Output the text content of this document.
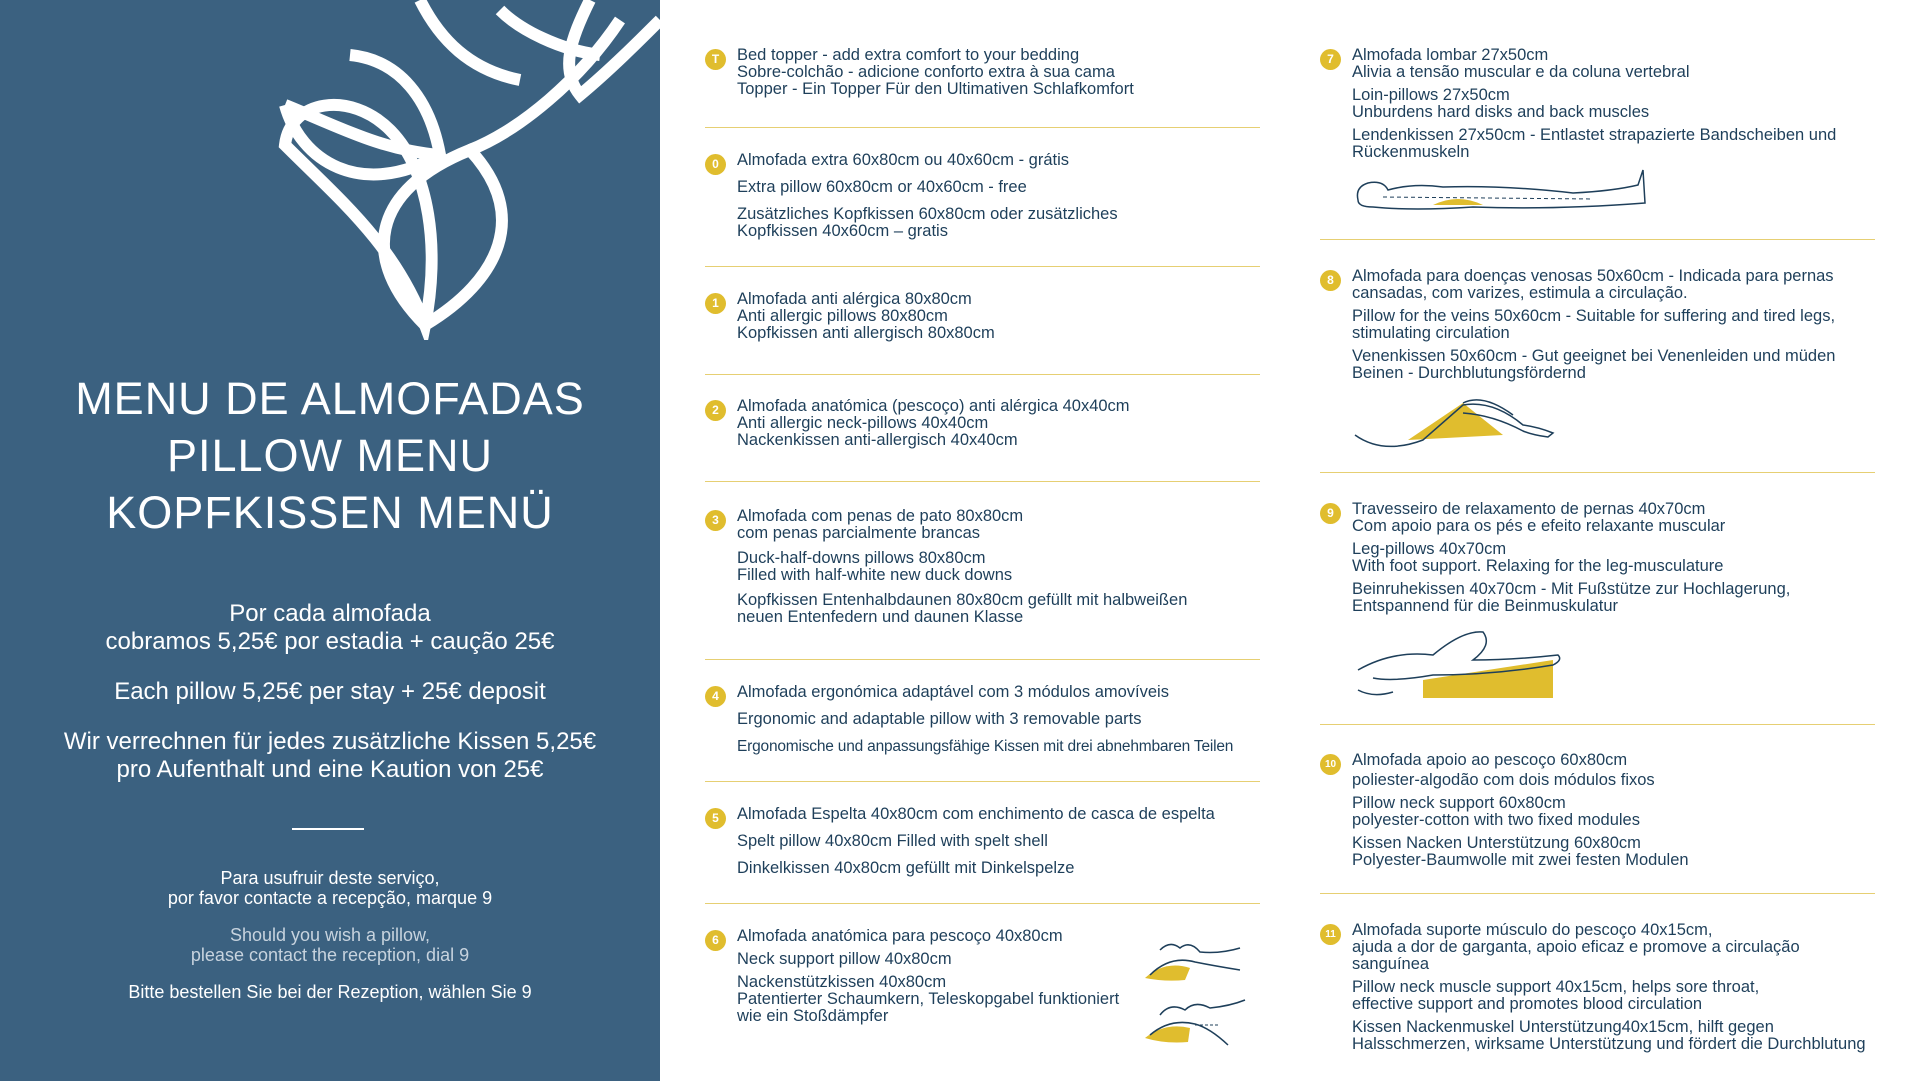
MENU DE ALMOFADAS
PILLOW MENU
KOPFKISSEN MENÜ

Por cada almofada
cobramos 5,25€ por estadia + caução 25€

Each pillow 5,25€ per stay + 25€ deposit

Wir verrechnen für jedes zusätzliche Kissen 5,25€
pro Aufenthalt und eine Kaution von 25€

Para usufruir deste serviço,
por favor contacte a recepção, marque 9

Should you wish a pillow,
please contact the reception, dial 9

Bitte bestellen Sie bei der Rezeption, wählen Sie 9

T	Bed topper - add extra comfort to your bedding
Sobre-colchão - adicione conforto extra à sua cama
Topper - Ein Topper Für den Ultimativen Schlafkomfort
0	Almofada extra 60x80cm ou 40x60cm - grátis
Extra pillow 60x80cm or 40x60cm - free
Zusätzliches Kopfkissen 60x80cm oder zusätzliches
Kopfkissen 40x60cm – gratis
1	Almofada anti alérgica 80x80cm
Anti allergic pillows 80x80cm
Kopfkissen anti allergisch 80x80cm
2	Almofada anatómica (pescoço) anti alérgica 40x40cm
Anti allergic neck-pillows 40x40cm
Nackenkissen anti-allergisch 40x40cm
3	Almofada com penas de pato 80x80cm
com penas parcialmente brancas
Duck-half-downs pillows 80x80cm
Filled with half-white new duck downs
Kopfkissen Entenhalbdaunen 80x80cm gefüllt mit halbweißen
neuen Entenfedern und daunen Klasse
4	Almofada ergonómica adaptável com 3 módulos amovíveis
Ergonomic and adaptable pillow with 3 removable parts
Ergonomische und anpassungsfähige Kissen mit drei abnehmbaren Teilen
5	Almofada Espelta 40x80cm com enchimento de casca de espelta
Spelt pillow 40x80cm Filled with spelt shell
Dinkelkissen 40x80cm gefüllt mit Dinkelspelze
6	Almofada anatómica para pescoço 40x80cm
Neck support pillow 40x80cm
Nackenstützkissen 40x80cm
Patentierter Schaumkern, Teleskopgabel funktioniert
wie ein Stoßdämpfer
7	Almofada lombar 27x50cm
Alivia a tensão muscular e da coluna vertebral
Loin-pillows 27x50cm
Unburdens hard disks and back muscles
Lendenkissen 27x50cm - Entlastet strapazierte Bandscheiben und
Rückenmuskeln
8	Almofada para doenças venosas 50x60cm - Indicada para pernas
cansadas, com varizes, estimula a circulação.
Pillow for the veins 50x60cm - Suitable for suffering and tired legs,
stimulating circulation
Venenkissen 50x60cm - Gut geeignet bei Venenleiden und müden
Beinen - Durchblutungsfördernd
9	Travesseiro de relaxamento de pernas 40x70cm
Com apoio para os pés e efeito relaxante muscular
Leg-pillows 40x70cm
With foot support. Relaxing for the leg-musculature
Beinruhekissen 40x70cm - Mit Fußstütze zur Hochlagerung,
Entspannend für die Beinmuskulatur
10 Almofada apoio ao pescoço 60x80cm
poliester-algodão com dois módulos fixos
Pillow neck support 60x80cm
polyester-cotton with two fixed modules
Kissen Nacken Unterstützung 60x80cm
Polyester-Baumwolle mit zwei festen Modulen
11 Almofada suporte músculo do pescoço 40x15cm,
ajuda a dor de garganta, apoio eficaz e promove a circulação sanguínea
Pillow neck muscle support 40x15cm, helps sore throat,
effective support and promotes blood circulation
Kissen Nackenmuskel Unterstützung40x15cm, hilft gegen
Halsschmerzen, wirksame Unterstützung und fördert die Durchblutung
